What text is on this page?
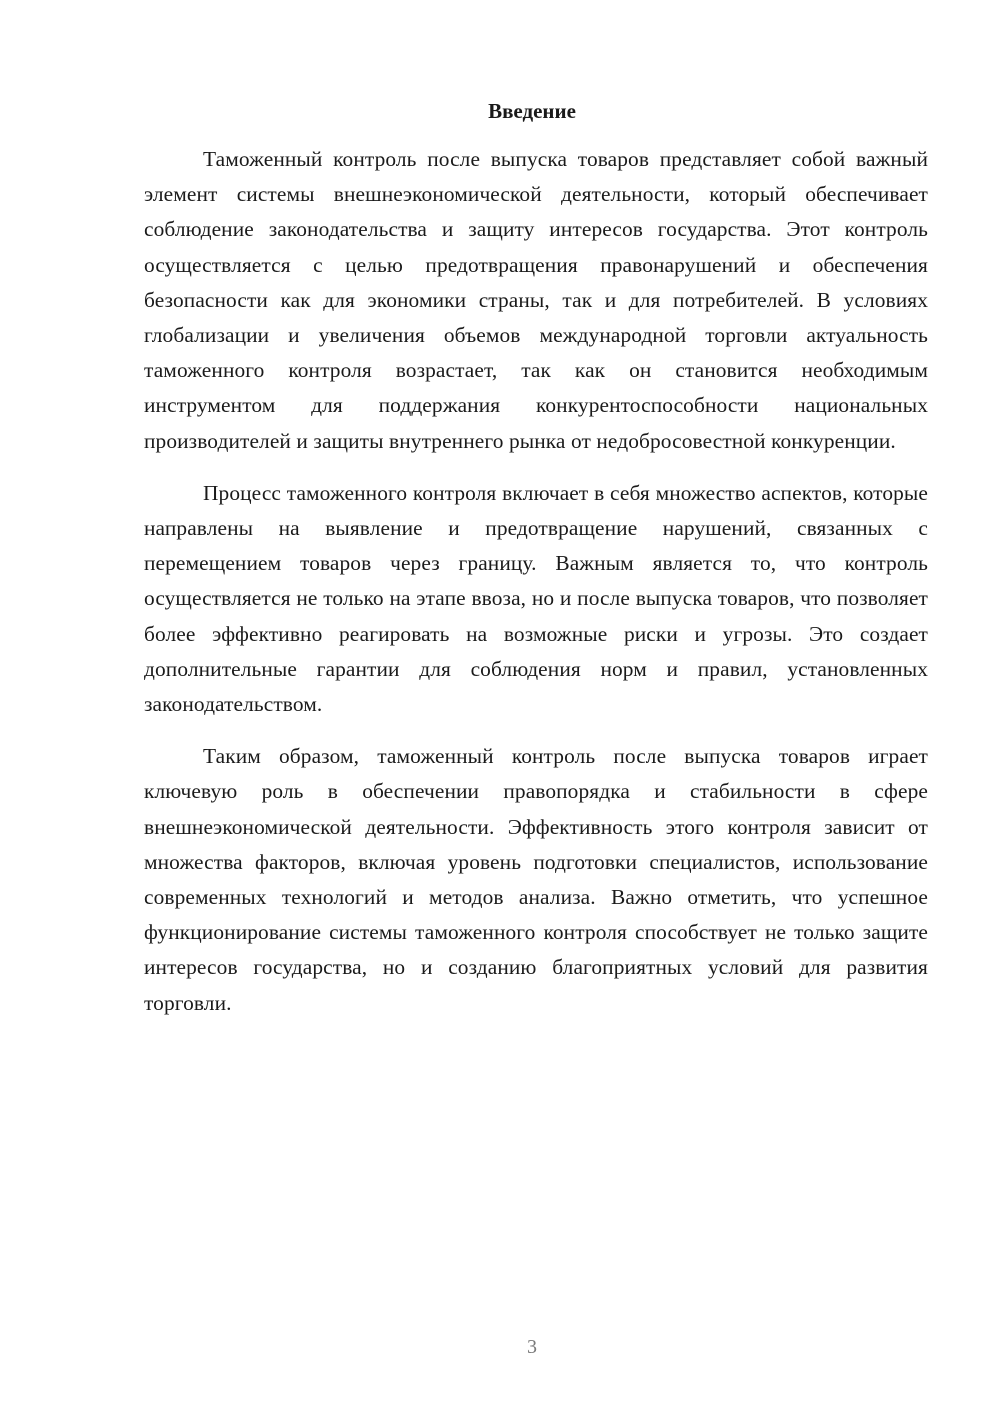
Введение

Таможенный контроль после выпуска товаров представляет собой важный элемент системы внешнеэкономической деятельности, который обеспечивает соблюдение законодательства и защиту интересов государства. Этот контроль осуществляется с целью предотвращения правонарушений и обеспечения безопасности как для экономики страны, так и для потребителей. В условиях глобализации и увеличения объемов международной торговли актуальность таможенного контроля возрастает, так как он становится необходимым инструментом для поддержания конкурентоспособности национальных производителей и защиты внутреннего рынка от недобросовестной конкуренции.

Процесс таможенного контроля включает в себя множество аспектов, которые направлены на выявление и предотвращение нарушений, связанных с перемещением товаров через границу. Важным является то, что контроль осуществляется не только на этапе ввоза, но и после выпуска товаров, что позволяет более эффективно реагировать на возможные риски и угрозы. Это создает дополнительные гарантии для соблюдения норм и правил, установленных законодательством.

Таким образом, таможенный контроль после выпуска товаров играет ключевую роль в обеспечении правопорядка и стабильности в сфере внешнеэкономической деятельности. Эффективность этого контроля зависит от множества факторов, включая уровень подготовки специалистов, использование современных технологий и методов анализа. Важно отметить, что успешное функционирование системы таможенного контроля способствует не только защите интересов государства, но и созданию благоприятных условий для развития торговли.

3
